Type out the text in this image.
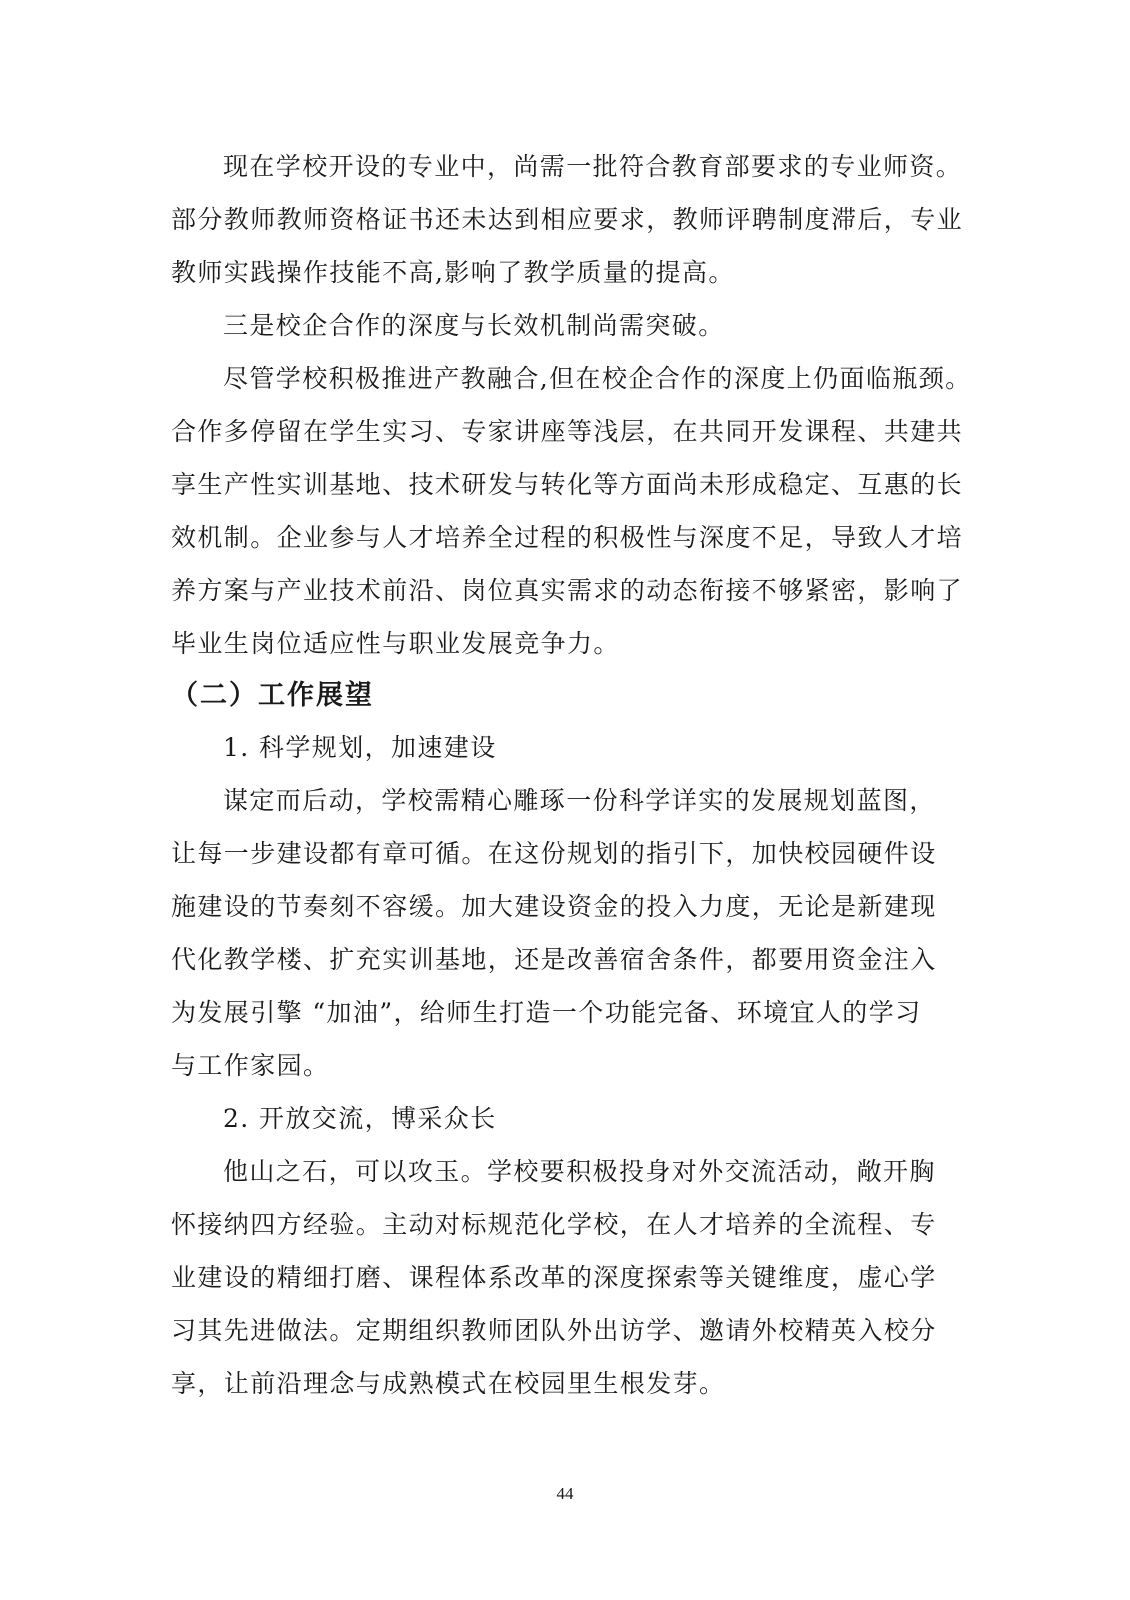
现在学校开设的专业中，尚需一批符合教育部要求的专业师资。
部分教师教师资格证书还未达到相应要求，教师评聘制度滞后，专业
教师实践操作技能不高,影响了教学质量的提高。
三是校企合作的深度与长效机制尚需突破。
尽管学校积极推进产教融合,但在校企合作的深度上仍面临瓶颈。
合作多停留在学生实习、专家讲座等浅层，在共同开发课程、共建共
享生产性实训基地、技术研发与转化等方面尚未形成稳定、互惠的长
效机制。企业参与人才培养全过程的积极性与深度不足，导致人才培
养方案与产业技术前沿、岗位真实需求的动态衔接不够紧密，影响了
毕业生岗位适应性与职业发展竞争力。
（二）工作展望
1. 科学规划，加速建设
谋定而后动，学校需精心雕琢一份科学详实的发展规划蓝图，
让每一步建设都有章可循。在这份规划的指引下，加快校园硬件设
施建设的节奏刻不容缓。加大建设资金的投入力度，无论是新建现
代化教学楼、扩充实训基地，还是改善宿舍条件，都要用资金注入
为发展引擎 “加油”，给师生打造一个功能完备、环境宜人的学习
与工作家园。
2. 开放交流，博采众长
他山之石，可以攻玉。学校要积极投身对外交流活动，敞开胸
怀接纳四方经验。主动对标规范化学校，在人才培养的全流程、专
业建设的精细打磨、课程体系改革的深度探索等关键维度，虚心学
习其先进做法。定期组织教师团队外出访学、邀请外校精英入校分
享，让前沿理念与成熟模式在校园里生根发芽。
44
